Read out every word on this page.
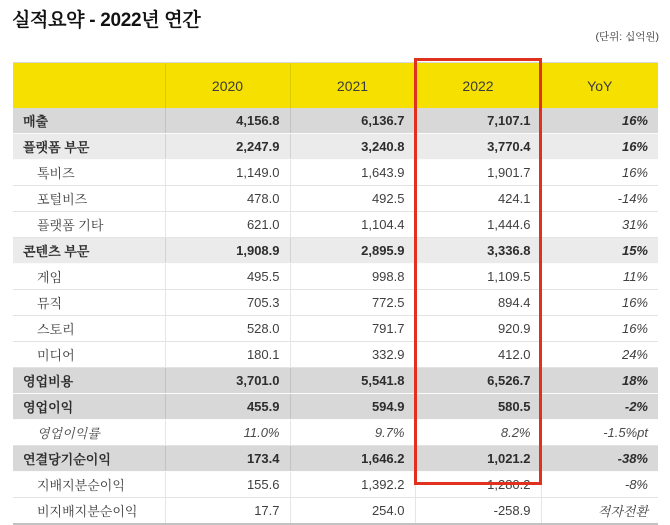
실적요약 - 2022년 연간
(단위: 십억원)
	2020	2021	2022	YoY
매출	4,156.8	6,136.7	7,107.1	16%
플랫폼 부문	2,247.9	3,240.8	3,770.4	16%
톡비즈	1,149.0	1,643.9	1,901.7	16%
포털비즈	478.0	492.5	424.1	-14%
플랫폼 기타	621.0	1,104.4	1,444.6	31%
콘텐츠 부문	1,908.9	2,895.9	3,336.8	15%
게임	495.5	998.8	1,109.5	11%
뮤직	705.3	772.5	894.4	16%
스토리	528.0	791.7	920.9	16%
미디어	180.1	332.9	412.0	24%
영업비용	3,701.0	5,541.8	6,526.7	18%
영업이익	455.9	594.9	580.5	-2%
영업이익률	11.0%	9.7%	8.2%	-1.5%pt
연결당기순이익	173.4	1,646.2	1,021.2	-38%
지배지분순이익	155.6	1,392.2	1,280.2	-8%
비지배지분순이익	17.7	254.0	-258.9	적자전환
